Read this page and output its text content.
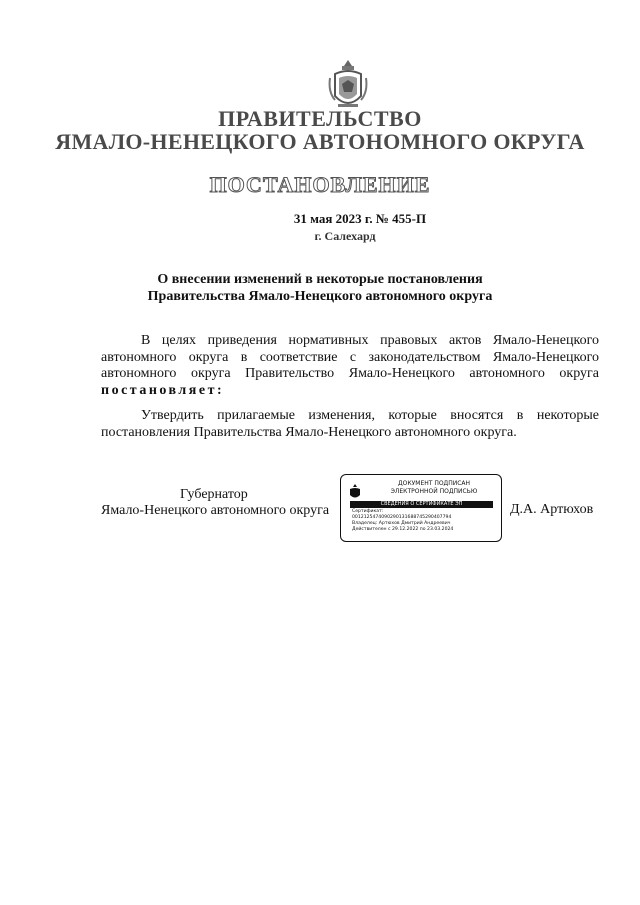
ПРАВИТЕЛЬСТВО
ЯМАЛО-НЕНЕЦКОГО АВТОНОМНОГО ОКРУГА
ПОСТАНОВЛЕНИЕ
31 мая 2023 г. № 455-П
г. Салехард
О внесении изменений в некоторые постановления
Правительства Ямало-Ненецкого автономного округа
В целях приведения нормативных правовых актов Ямало-Ненецкого автономного округа в соответствие с законодательством Ямало-Ненецкого автономного округа Правительство Ямало-Ненецкого автономного округа постановляет:
Утвердить прилагаемые изменения, которые вносятся в некоторые постановления Правительства Ямало-Ненецкого автономного округа.
Губернатор
Ямало-Ненецкого автономного округа	Д.А. Артюхов
ДОКУМЕНТ ПОДПИСАН
ЭЛЕКТРОННОЙ ПОДПИСЬЮ
СВЕДЕНИЯ О СЕРТИФИКАТЕ ЭП
Сертификат:
0012125474090290131688745290407794
Владелец: Артюхов Дмитрий Андреевич
Действителен с 29.12.2022 по 23.03.2024
